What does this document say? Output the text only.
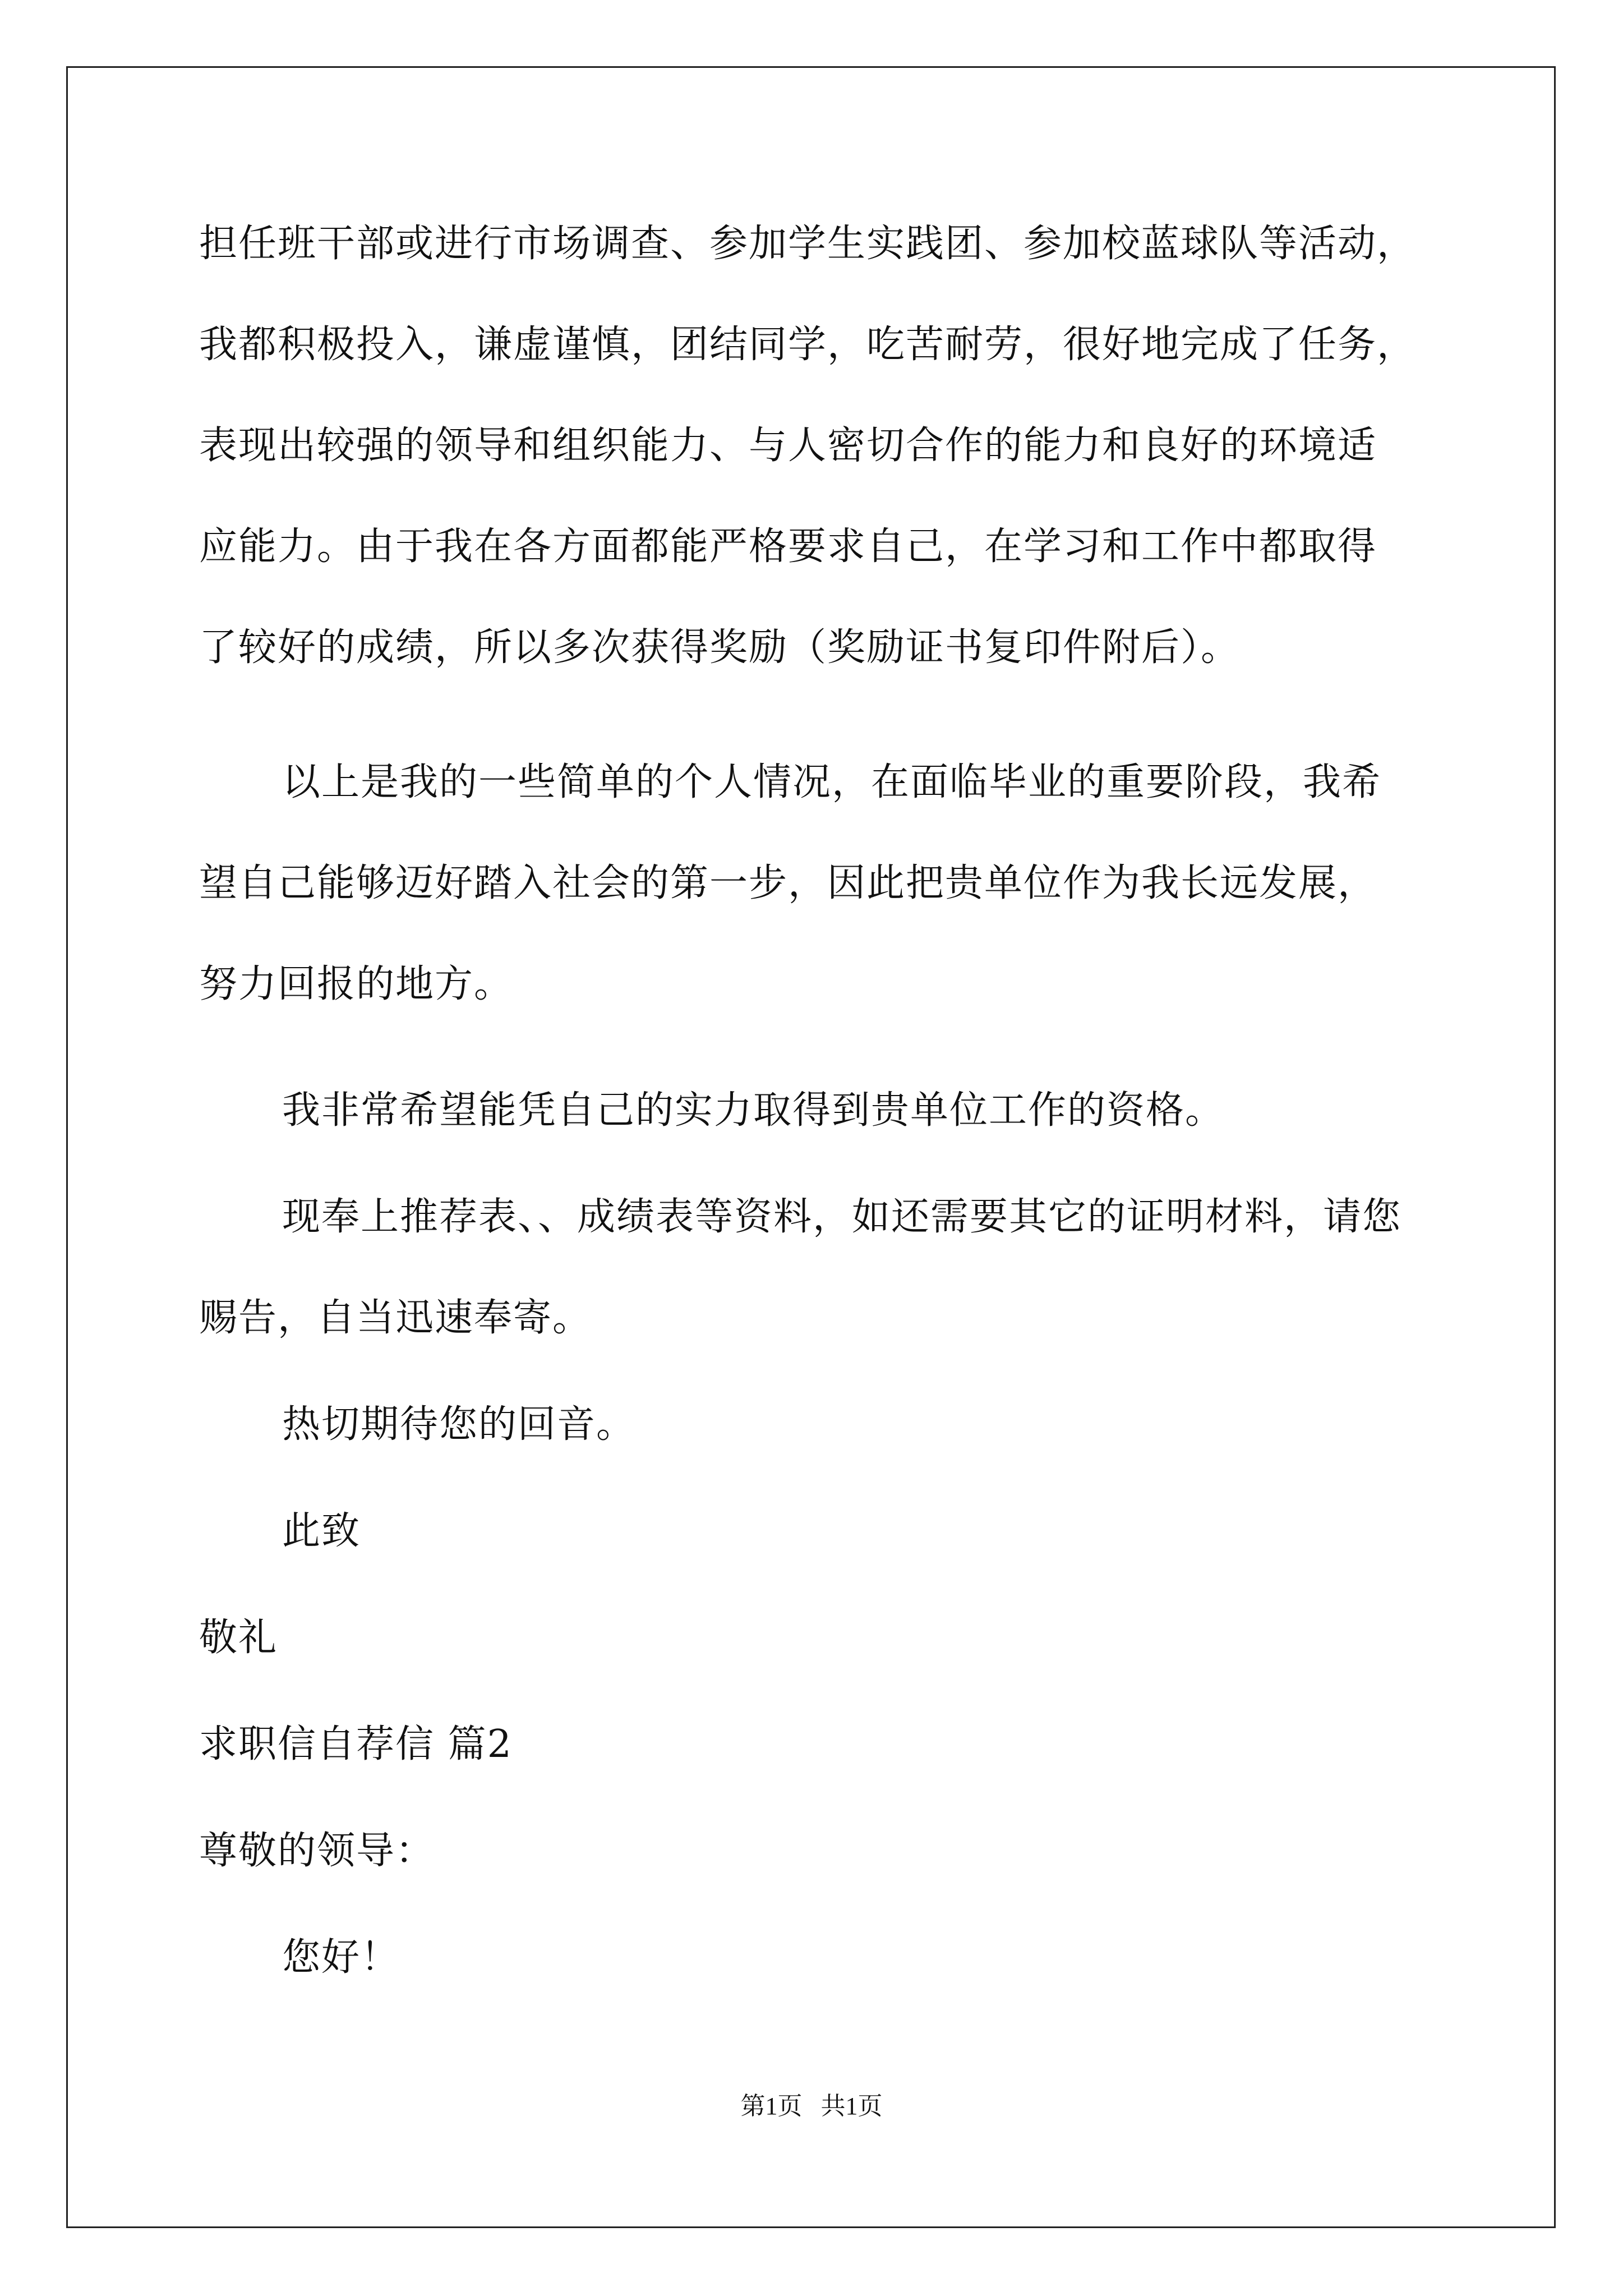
担任班干部或进行市场调查、参加学生实践团、参加校蓝球队等活动，
我都积极投入，谦虚谨慎，团结同学，吃苦耐劳，很好地完成了任务，
表现出较强的领导和组织能力、与人密切合作的能力和良好的环境适
应能力。由于我在各方面都能严格要求自己，在学习和工作中都取得
了较好的成绩，所以多次获得奖励（奖励证书复印件附后）。
以上是我的一些简单的个人情况，在面临毕业的重要阶段，我希
望自己能够迈好踏入社会的第一步，因此把贵单位作为我长远发展，
努力回报的地方。
我非常希望能凭自己的实力取得到贵单位工作的资格。
现奉上推荐表、、成绩表等资料，如还需要其它的证明材料，请您
赐告，自当迅速奉寄。
热切期待您的回音。
此致
敬礼
求职信自荐信 篇2
尊敬的领导：
您好！
第1页   共1页
